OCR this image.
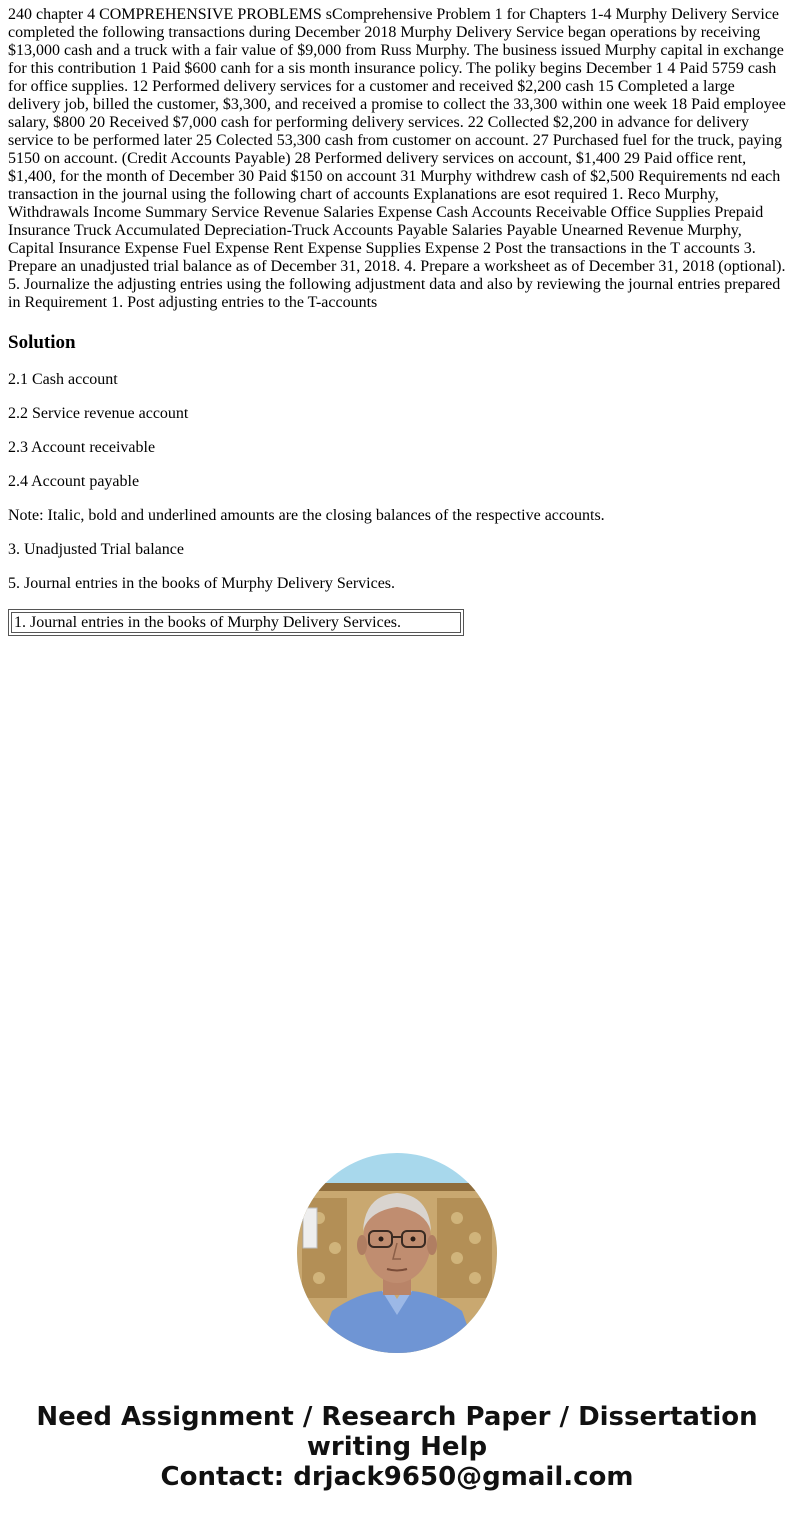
240 chapter 4 COMPREHENSIVE PROBLEMS sComprehensive Problem 1 for Chapters 1-4 Murphy Delivery Service completed the following transactions during December 2018 Murphy Delivery Service began operations by receiving $13,000 cash and a truck with a fair value of $9,000 from Russ Murphy. The business issued Murphy capital in exchange for this contribution 1 Paid $600 canh for a sis month insurance policy. The poliky begins December 1 4 Paid 5759 cash for office supplies. 12 Performed delivery services for a customer and received $2,200 cash 15 Completed a large delivery job, billed the customer, $3,300, and received a promise to collect the 33,300 within one week 18 Paid employee salary, $800 20 Received $7,000 cash for performing delivery services. 22 Collected $2,200 in advance for delivery service to be performed later 25 Colected 53,300 cash from customer on account. 27 Purchased fuel for the truck, paying 5150 on account. (Credit Accounts Payable) 28 Performed delivery services on account, $1,400 29 Paid office rent, $1,400, for the month of December 30 Paid $150 on account 31 Murphy withdrew cash of $2,500 Requirements nd each transaction in the journal using the following chart of accounts Explanations are esot required 1. Reco Murphy, Withdrawals Income Summary Service Revenue Salaries Expense Cash Accounts Receivable Office Supplies Prepaid Insurance Truck Accumulated Depreciation-Truck Accounts Payable Salaries Payable Unearned Revenue Murphy, Capital Insurance Expense Fuel Expense Rent Expense Supplies Expense 2 Post the transactions in the T accounts 3. Prepare an unadjusted trial balance as of December 31, 2018. 4. Prepare a worksheet as of December 31, 2018 (optional). 5. Journalize the adjusting entries using the following adjustment data and also by reviewing the journal entries prepared in Requirement 1. Post adjusting entries to the T-accounts

Solution

2.1 Cash account

2.2 Service revenue account

2.3 Account receivable

2.4 Account payable

Note: Italic, bold and underlined amounts are the closing balances of the respective accounts.

3. Unadjusted Trial balance

5. Journal entries in the books of Murphy Delivery Services.

1. Journal entries in the books of Murphy Delivery Services.
Need Assignment / Research Paper / Dissertation
writing Help
Contact: drjack9650@gmail.com
